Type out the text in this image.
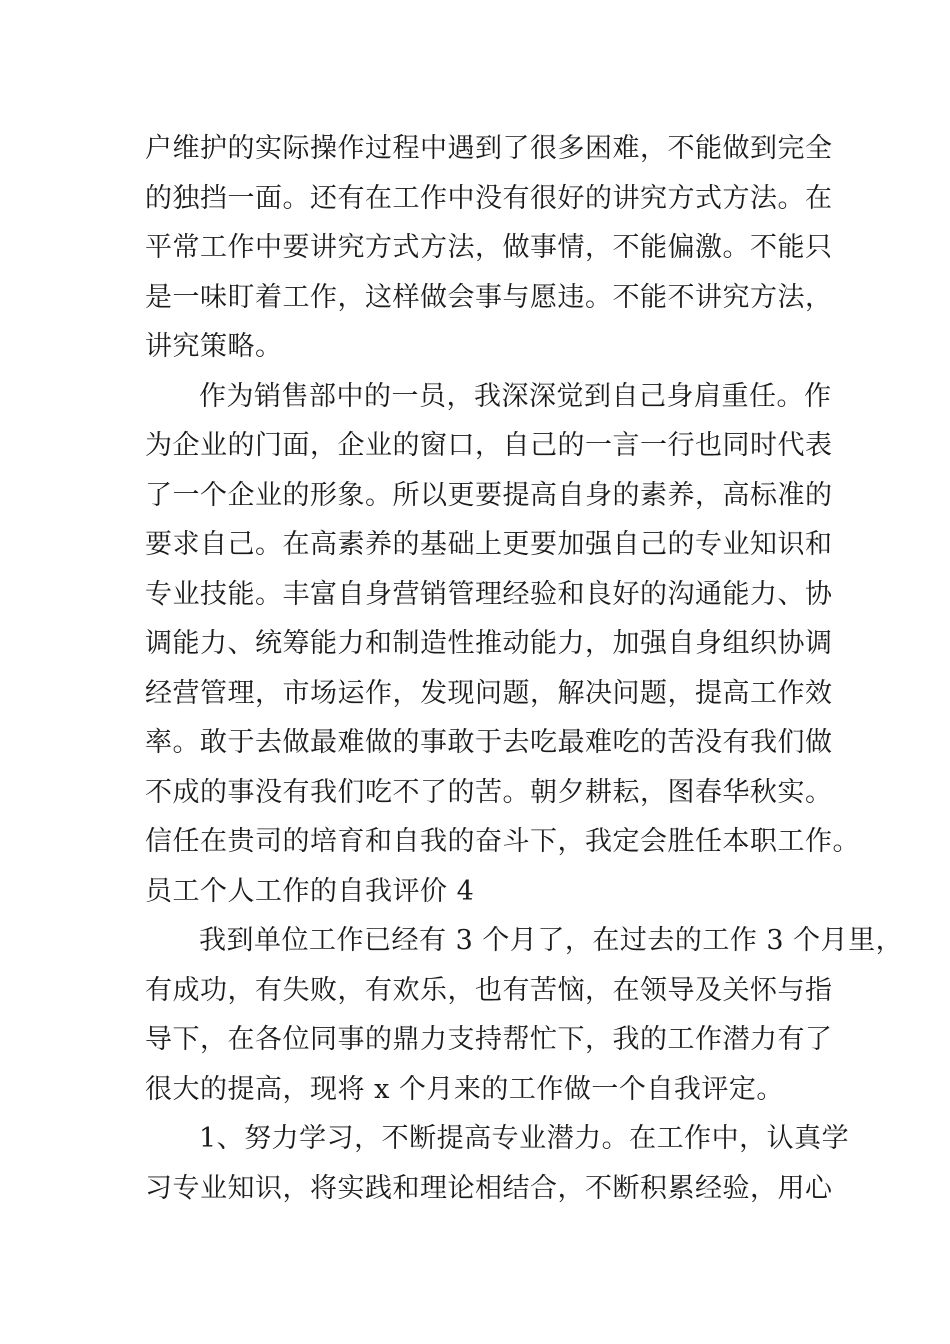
户维护的实际操作过程中遇到了很多困难，不能做到完全
的独挡一面。还有在工作中没有很好的讲究方式方法。在
平常工作中要讲究方式方法，做事情，不能偏激。不能只
是一味盯着工作，这样做会事与愿违。不能不讲究方法，
讲究策略。
作为销售部中的一员，我深深觉到自己身肩重任。作
为企业的门面，企业的窗口，自己的一言一行也同时代表
了一个企业的形象。所以更要提高自身的素养，高标准的
要求自己。在高素养的基础上更要加强自己的专业知识和
专业技能。丰富自身营销管理经验和良好的沟通能力、协
调能力、统筹能力和制造性推动能力，加强自身组织协调
经营管理，市场运作，发现问题，解决问题，提高工作效
率。敢于去做最难做的事敢于去吃最难吃的苦没有我们做
不成的事没有我们吃不了的苦。朝夕耕耘，图春华秋实。
信任在贵司的培育和自我的奋斗下，我定会胜任本职工作。
员工个人工作的自我评价 4
我到单位工作已经有 3 个月了，在过去的工作 3 个月里，
有成功，有失败，有欢乐，也有苦恼，在领导及关怀与指
导下，在各位同事的鼎力支持帮忙下，我的工作潜力有了
很大的提高，现将 x 个月来的工作做一个自我评定。
1、努力学习，不断提高专业潜力。在工作中，认真学
习专业知识，将实践和理论相结合，不断积累经验，用心
